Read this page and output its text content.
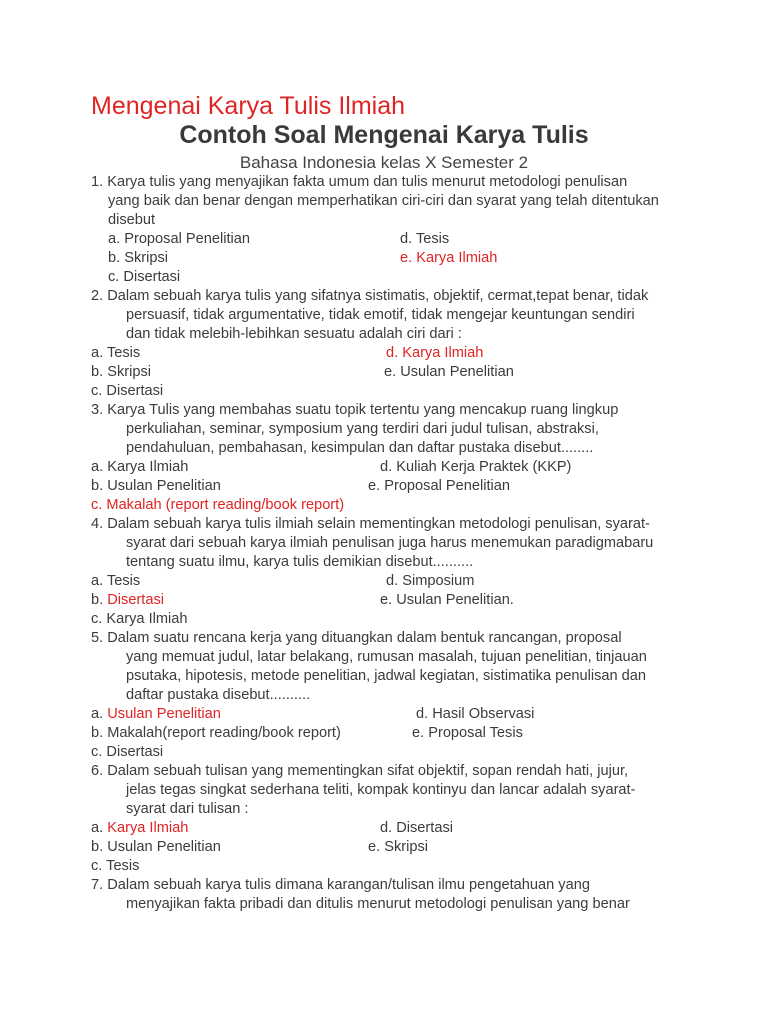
Mengenai Karya Tulis Ilmiah
Contoh Soal Mengenai Karya Tulis
Bahasa Indonesia kelas X Semester 2
1. Karya tulis yang menyajikan fakta umum dan tulis menurut metodologi penulisan
yang baik dan benar dengan memperhatikan ciri-ciri dan syarat yang telah ditentukan
disebut
a. Proposal Penelitian	d. Tesis
b. Skripsi	e. Karya Ilmiah
c. Disertasi
2. Dalam sebuah karya tulis yang sifatnya sistimatis, objektif, cermat,tepat benar, tidak
persuasif, tidak argumentative, tidak emotif, tidak mengejar keuntungan sendiri
dan tidak melebih-lebihkan sesuatu adalah ciri dari :
a. Tesis	d. Karya Ilmiah
b. Skripsi	e. Usulan Penelitian
c. Disertasi
3. Karya Tulis yang membahas suatu topik tertentu yang mencakup ruang lingkup
perkuliahan, seminar, symposium yang terdiri dari judul tulisan, abstraksi,
pendahuluan, pembahasan, kesimpulan dan daftar pustaka disebut........
a. Karya Ilmiah	d. Kuliah Kerja Praktek (KKP)
b. Usulan Penelitian	e. Proposal Penelitian
c. Makalah (report reading/book report)
4. Dalam sebuah karya tulis ilmiah selain mementingkan metodologi penulisan, syarat-
syarat dari sebuah karya ilmiah penulisan juga harus menemukan paradigmabaru
tentang suatu ilmu, karya tulis demikian disebut..........
a. Tesis	d. Simposium
b. Disertasi	e. Usulan Penelitian.
c. Karya Ilmiah
5. Dalam suatu rencana kerja yang dituangkan dalam bentuk rancangan, proposal
yang memuat judul, latar belakang, rumusan masalah, tujuan penelitian, tinjauan
psutaka, hipotesis, metode penelitian, jadwal kegiatan, sistimatika penulisan dan
daftar pustaka disebut..........
a. Usulan Penelitian	d. Hasil Observasi
b. Makalah(report reading/book report)	e. Proposal Tesis
c. Disertasi
6. Dalam sebuah tulisan yang mementingkan sifat objektif, sopan rendah hati, jujur,
jelas tegas singkat sederhana teliti, kompak kontinyu dan lancar adalah syarat-
syarat dari tulisan :
a. Karya Ilmiah	d. Disertasi
b. Usulan Penelitian	e. Skripsi
c. Tesis
7. Dalam sebuah karya tulis dimana karangan/tulisan ilmu pengetahuan yang
menyajikan fakta pribadi dan ditulis menurut metodologi penulisan yang benar
